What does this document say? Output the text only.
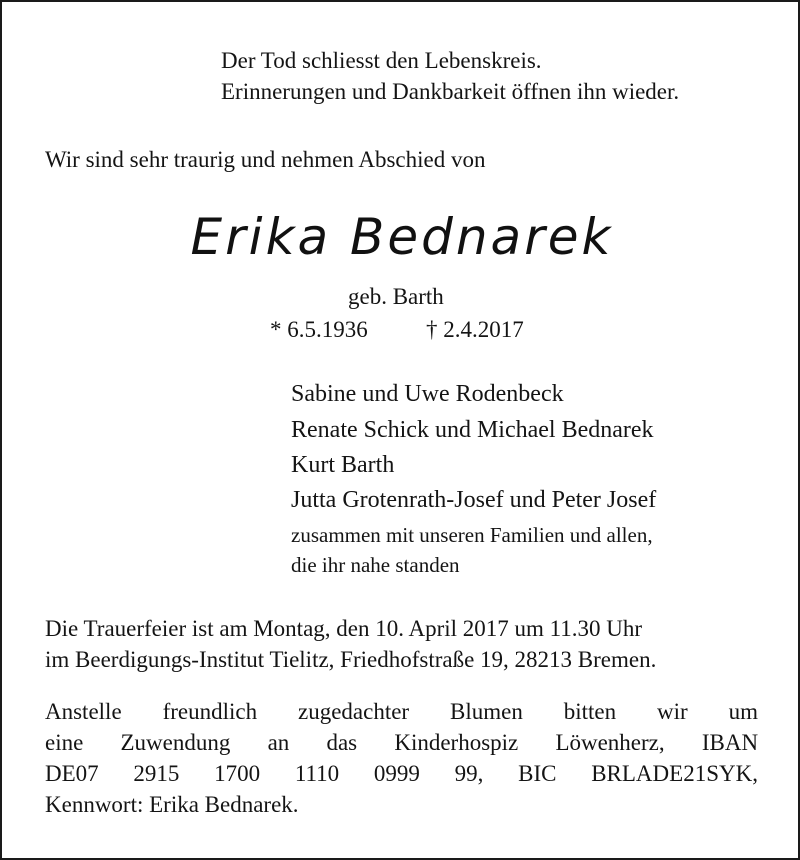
Der Tod schliesst den Lebenskreis.
Erinnerungen und Dankbarkeit öffnen ihn wieder.
Wir sind sehr traurig und nehmen Abschied von
Erika Bednarek
geb. Barth
* 6.5.1936	† 2.4.2017
Sabine und Uwe Rodenbeck
Renate Schick und Michael Bednarek
Kurt Barth
Jutta Grotenrath-Josef und Peter Josef
zusammen mit unseren Familien und allen,
die ihr nahe standen
Die Trauerfeier ist am Montag, den 10. April 2017 um 11.30 Uhr
im Beerdigungs-Institut Tielitz, Friedhofstraße 19, 28213 Bremen.
Anstelle freundlich zugedachter Blumen bitten wir um
eine Zuwendung an das Kinderhospiz Löwenherz, IBAN
DE07 2915 1700 1110 0999 99, BIC BRLADE21SYK,
Kennwort: Erika Bednarek.
